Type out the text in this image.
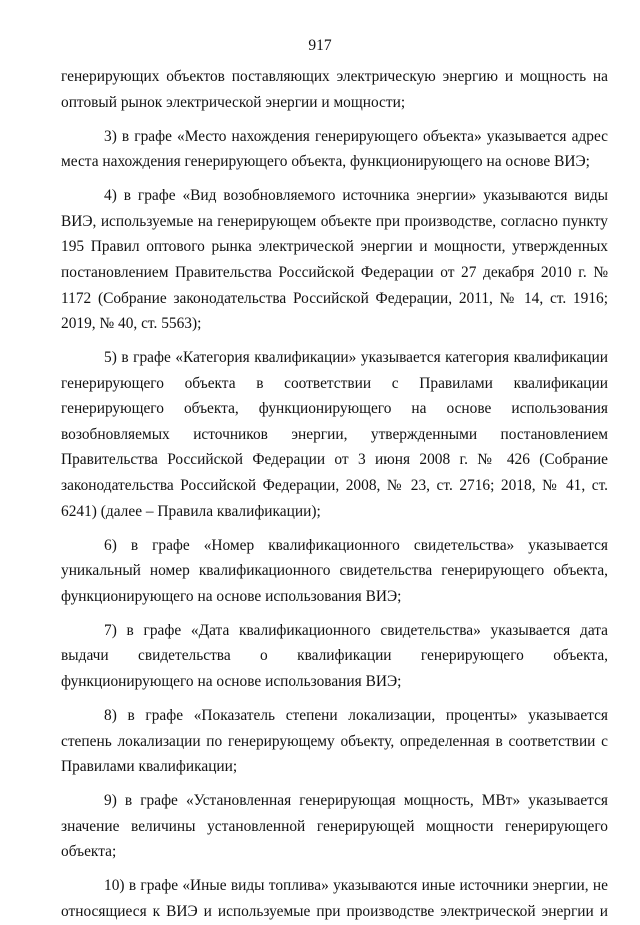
917

генерирующих объектов поставляющих электрическую энергию и мощность на оптовый рынок электрической энергии и мощности;

3) в графе «Место нахождения генерирующего объекта» указывается адрес места нахождения генерирующего объекта, функционирующего на основе ВИЭ;

4) в графе «Вид возобновляемого источника энергии» указываются виды ВИЭ, используемые на генерирующем объекте при производстве, согласно пункту 195 Правил оптового рынка электрической энергии и мощности, утвержденных постановлением Правительства Российской Федерации от 27 декабря 2010 г. № 1172 (Собрание законодательства Российской Федерации, 2011, № 14, ст. 1916; 2019, № 40, ст. 5563);

5) в графе «Категория квалификации» указывается категория квалификации генерирующего объекта в соответствии с Правилами квалификации генерирующего объекта, функционирующего на основе использования возобновляемых источников энергии, утвержденными постановлением Правительства Российской Федерации от 3 июня 2008 г. № 426 (Собрание законодательства Российской Федерации, 2008, № 23, ст. 2716; 2018, № 41, ст. 6241) (далее – Правила квалификации);

6) в графе «Номер квалификационного свидетельства» указывается уникальный номер квалификационного свидетельства генерирующего объекта, функционирующего на основе использования ВИЭ;

7) в графе «Дата квалификационного свидетельства» указывается дата выдачи свидетельства о квалификации генерирующего объекта, функционирующего на основе использования ВИЭ;

8) в графе «Показатель степени локализации, проценты» указывается степень локализации по генерирующему объекту, определенная в соответствии с Правилами квалификации;

9) в графе «Установленная генерирующая мощность, МВт» указывается значение величины установленной генерирующей мощности генерирующего объекта;

10) в графе «Иные виды топлива» указываются иные источники энергии, не относящиеся к ВИЭ и используемые при производстве электрической энергии и
